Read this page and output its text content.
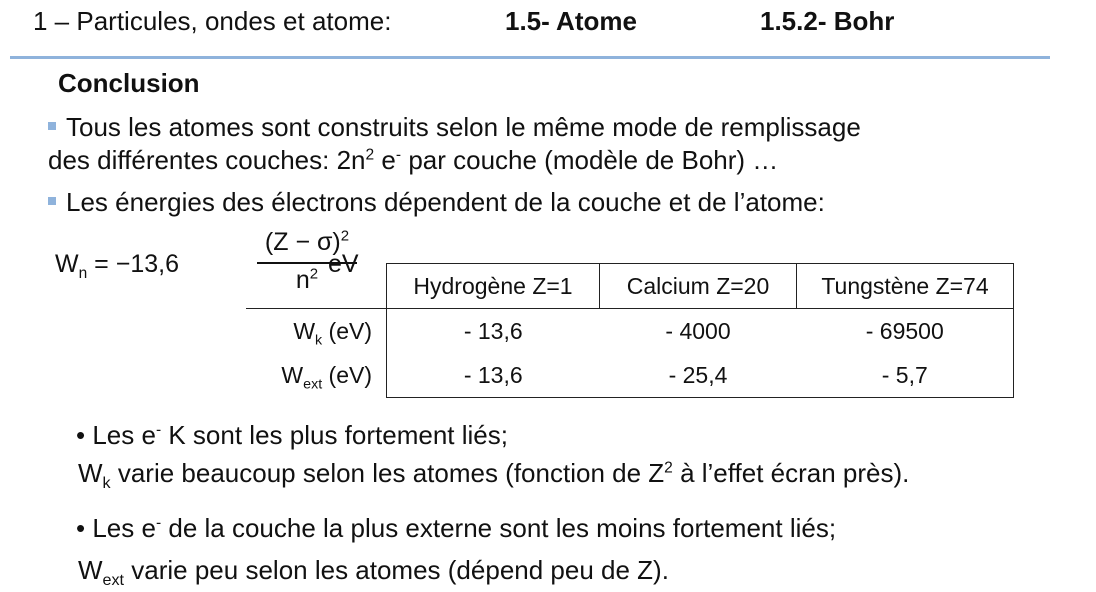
1 – Particules, ondes et atome:	1.5- Atome	1.5.2- Bohr
Conclusion
Tous les atomes sont construits selon le même mode de remplissage
des différentes couches: $2n^2$ e- par couche (modèle de Bohr) …
Les énergies des électrons dépendent de la couche et de l’atome:
$W_n = -13,6$
$(Z - \sigma)^2$
$n^2$ eV
	Hydrogène Z=1	Calcium Z=20	Tungstène Z=74
$W_k$ (eV)	- 13,6	- 4000	- 69500
$W_{ext}$ (eV)	- 13,6	- 25,4	- 5,7
• Les e- K sont les plus fortement liés;
$W_k$ varie beaucoup selon les atomes (fonction de $Z^2$ à l’effet écran près).
• Les e- de la couche la plus externe sont les moins fortement liés;
$W_{ext}$ varie peu selon les atomes (dépend peu de Z).
